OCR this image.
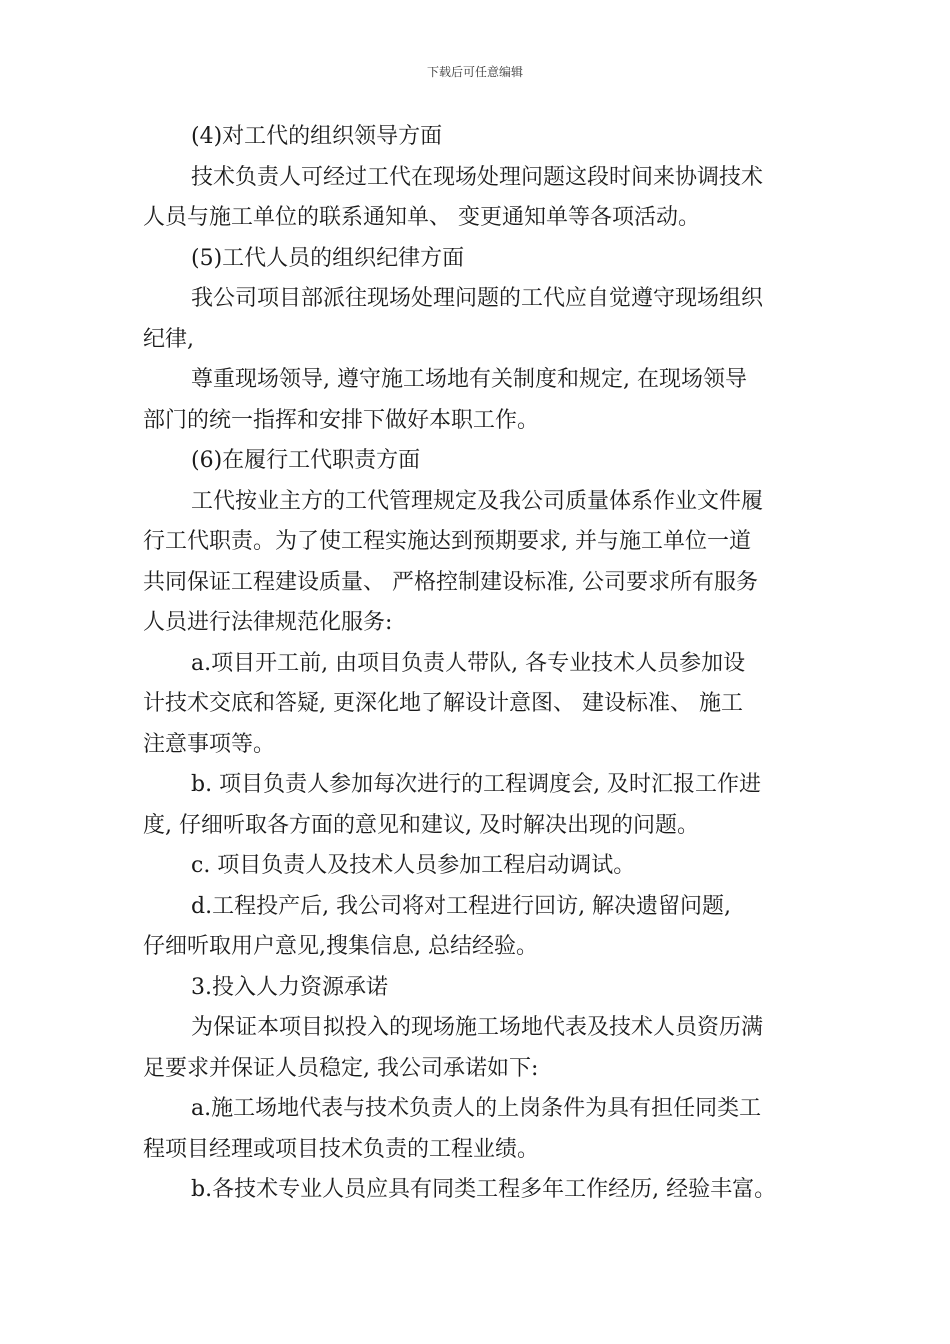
下载后可任意编辑
(4)对工代的组织领导方面
技术负责人可经过工代在现场处理问题这段时间来协调技术
人员与施工单位的联系通知单、 变更通知单等各项活动。
(5)工代人员的组织纪律方面
我公司项目部派往现场处理问题的工代应自觉遵守现场组织
纪律,
尊重现场领导, 遵守施工场地有关制度和规定, 在现场领导
部门的统一指挥和安排下做好本职工作。
(6)在履行工代职责方面
工代按业主方的工代管理规定及我公司质量体系作业文件履
行工代职责。为了使工程实施达到预期要求, 并与施工单位一道
共同保证工程建设质量、 严格控制建设标准, 公司要求所有服务
人员进行法律规范化服务:
a.项目开工前, 由项目负责人带队, 各专业技术人员参加设
计技术交底和答疑, 更深化地了解设计意图、 建设标准、 施工
注意事项等。
b. 项目负责人参加每次进行的工程调度会, 及时汇报工作进
度, 仔细听取各方面的意见和建议, 及时解决出现的问题。
c. 项目负责人及技术人员参加工程启动调试。
d.工程投产后, 我公司将对工程进行回访, 解决遗留问题,
仔细听取用户意见,搜集信息, 总结经验。
3.投入人力资源承诺
为保证本项目拟投入的现场施工场地代表及技术人员资历满
足要求并保证人员稳定, 我公司承诺如下:
a.施工场地代表与技术负责人的上岗条件为具有担任同类工
程项目经理或项目技术负责的工程业绩。
b.各技术专业人员应具有同类工程多年工作经历, 经验丰富。
